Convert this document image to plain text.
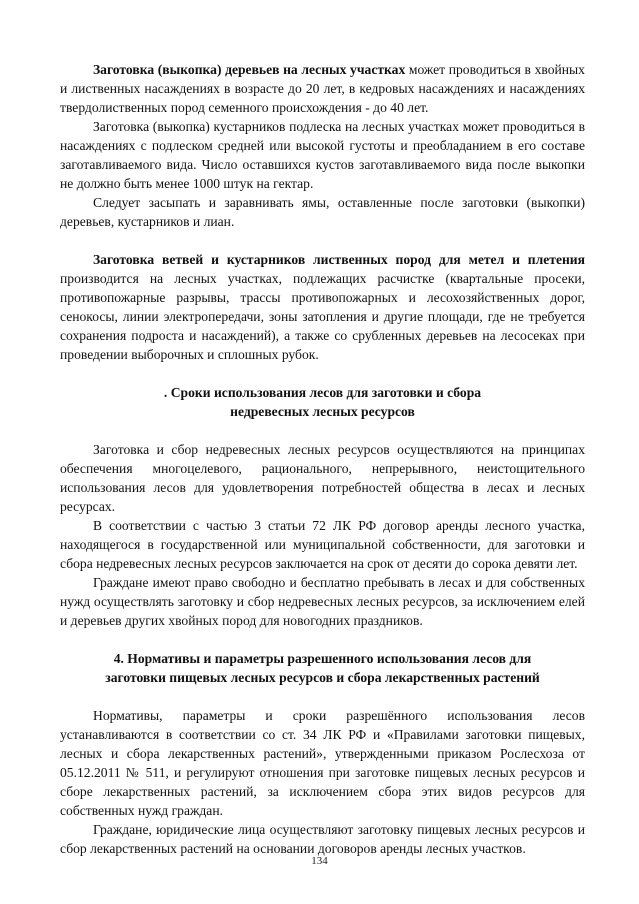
Заготовка (выкопка) деревьев на лесных участках может проводиться в хвойных и лиственных насаждениях в возрасте до 20 лет, в кедровых насаждениях и насаждениях твердолиственных пород семенного происхождения - до 40 лет.

Заготовка (выкопка) кустарников подлеска на лесных участках может проводиться в насаждениях с подлеском средней или высокой густоты и преобладанием в его составе заготавливаемого вида. Число оставшихся кустов заготавливаемого вида после выкопки не должно быть менее 1000 штук на гектар.

Следует засыпать и заравнивать ямы, оставленные после заготовки (выкопки) деревьев, кустарников и лиан.

Заготовка ветвей и кустарников лиственных пород для метел и плетения производится на лесных участках, подлежащих расчистке (квартальные просеки, противопожарные разрывы, трассы противопожарных и лесохозяйственных дорог, сенокосы, линии электропередачи, зоны затопления и другие площади, где не требуется сохранения подроста и насаждений), а также со срубленных деревьев на лесосеках при проведении выборочных и сплошных рубок.

. Сроки использования лесов для заготовки и сбора
недревесных лесных ресурсов

Заготовка и сбор недревесных лесных ресурсов осуществляются на принципах обеспечения многоцелевого, рационального, непрерывного, неистощительного использования лесов для удовлетворения потребностей общества в лесах и лесных ресурсах.

В соответствии с частью 3 статьи 72 ЛК РФ договор аренды лесного участка, находящегося в государственной или муниципальной собственности, для заготовки и сбора недревесных лесных ресурсов заключается на срок от десяти до сорока девяти лет.

Граждане имеют право свободно и бесплатно пребывать в лесах и для собственных нужд осуществлять заготовку и сбор недревесных лесных ресурсов, за исключением елей и деревьев других хвойных пород для новогодних праздников.

4. Нормативы и параметры разрешенного использования лесов для
заготовки пищевых лесных ресурсов и сбора лекарственных растений

Нормативы, параметры и сроки разрешённого использования лесов устанавливаются в соответствии со ст. 34 ЛК РФ и «Правилами заготовки пищевых, лесных и сбора лекарственных растений», утвержденными приказом Рослесхоза от 05.12.2011 № 511, и регулируют отношения при заготовке пищевых лесных ресурсов и сборе лекарственных растений, за исключением сбора этих видов ресурсов для собственных нужд граждан.

Граждане, юридические лица осуществляют заготовку пищевых лесных ресурсов и сбор лекарственных растений на основании договоров аренды лесных участков.

134
